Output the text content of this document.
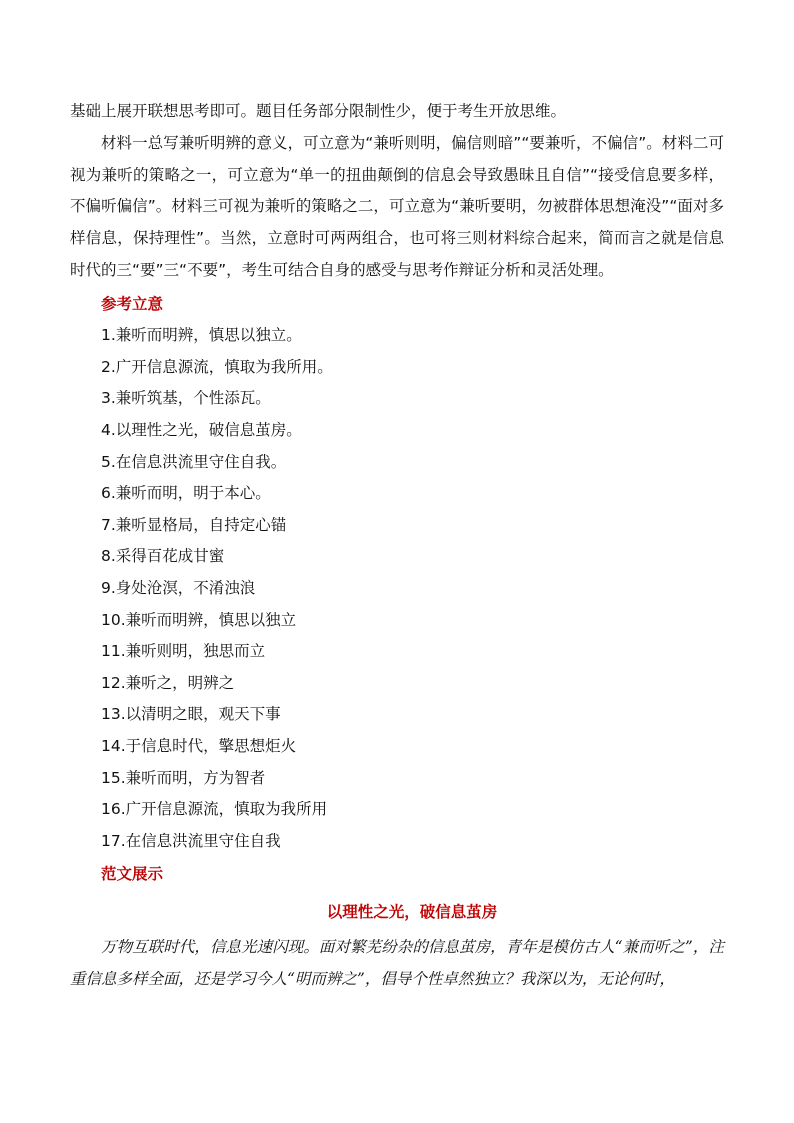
基础上展开联想思考即可。题目任务部分限制性少，便于考生开放思维。

材料一总写兼听明辨的意义，可立意为“兼听则明，偏信则暗”“要兼听，不偏信”。材料二可视为兼听的策略之一，可立意为“单一的扭曲颠倒的信息会导致愚昧且自信”“接受信息要多样，不偏听偏信”。材料三可视为兼听的策略之二，可立意为“兼听要明，勿被群体思想淹没”“面对多样信息，保持理性”。当然，立意时可两两组合，也可将三则材料综合起来，简而言之就是信息时代的三“要”三“不要”，考生可结合自身的感受与思考作辩证分析和灵活处理。

参考立意
1.兼听而明辨，慎思以独立。
2.广开信息源流，慎取为我所用。
3.兼听筑基，个性添瓦。
4.以理性之光，破信息茧房。
5.在信息洪流里守住自我。
6.兼听而明，明于本心。
7.兼听显格局，自持定心锚
8.采得百花成甘蜜
9.身处沧溟，不淆浊浪
10.兼听而明辨，慎思以独立
11.兼听则明，独思而立
12.兼听之，明辨之
13.以清明之眼，观天下事
14.于信息时代，擎思想炬火
15.兼听而明，方为智者
16.广开信息源流，慎取为我所用
17.在信息洪流里守住自我
范文展示
以理性之光，破信息茧房

万物互联时代，信息光速闪现。面对繁芜纷杂的信息茧房，青年是模仿古人“兼而听之”，注重信息多样全面，还是学习今人“明而辨之”，倡导个性卓然独立？我深以为，无论何时，
